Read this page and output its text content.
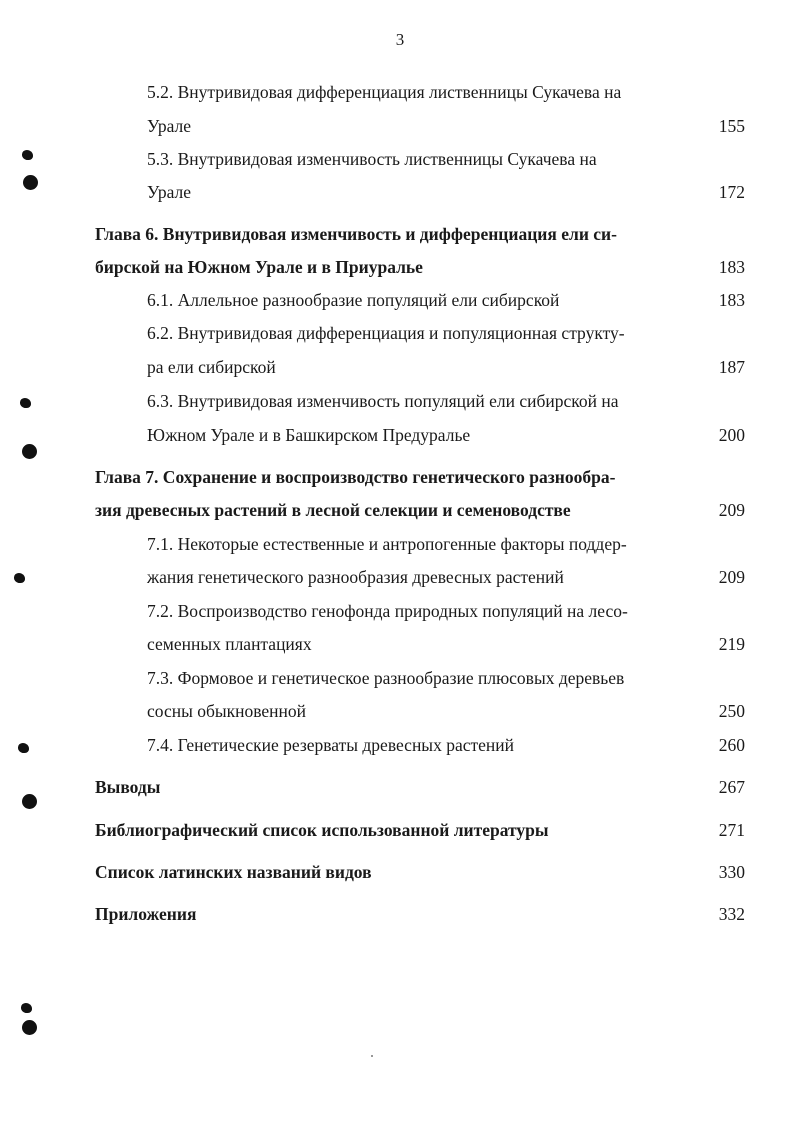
3
5.2. Внутривидовая дифференциация лиственницы Сукачева на
Урале	155
5.3. Внутривидовая изменчивость лиственницы Сукачева на
Урале	172
Глава 6. Внутривидовая изменчивость и дифференциация ели си-
бирской на Южном Урале и в Приуралье	183
6.1. Аллельное разнообразие популяций ели сибирской	183
6.2. Внутривидовая дифференциация и популяционная структу-
ра ели сибирской	187
6.3. Внутривидовая изменчивость популяций ели сибирской на
Южном Урале и в Башкирском Предуралье	200
Глава 7. Сохранение и воспроизводство генетического разнообра-
зия древесных растений в лесной селекции и семеноводстве	209
7.1. Некоторые естественные и антропогенные факторы поддер-
жания генетического разнообразия древесных растений	209
7.2. Воспроизводство генофонда природных популяций на лесо-
семенных плантациях	219
7.3. Формовое и генетическое разнообразие плюсовых деревьев
сосны обыкновенной	250
7.4. Генетические резерваты древесных растений	260
Выводы	267
Библиографический список использованной литературы	271
Список латинских названий видов	330
Приложения	332
